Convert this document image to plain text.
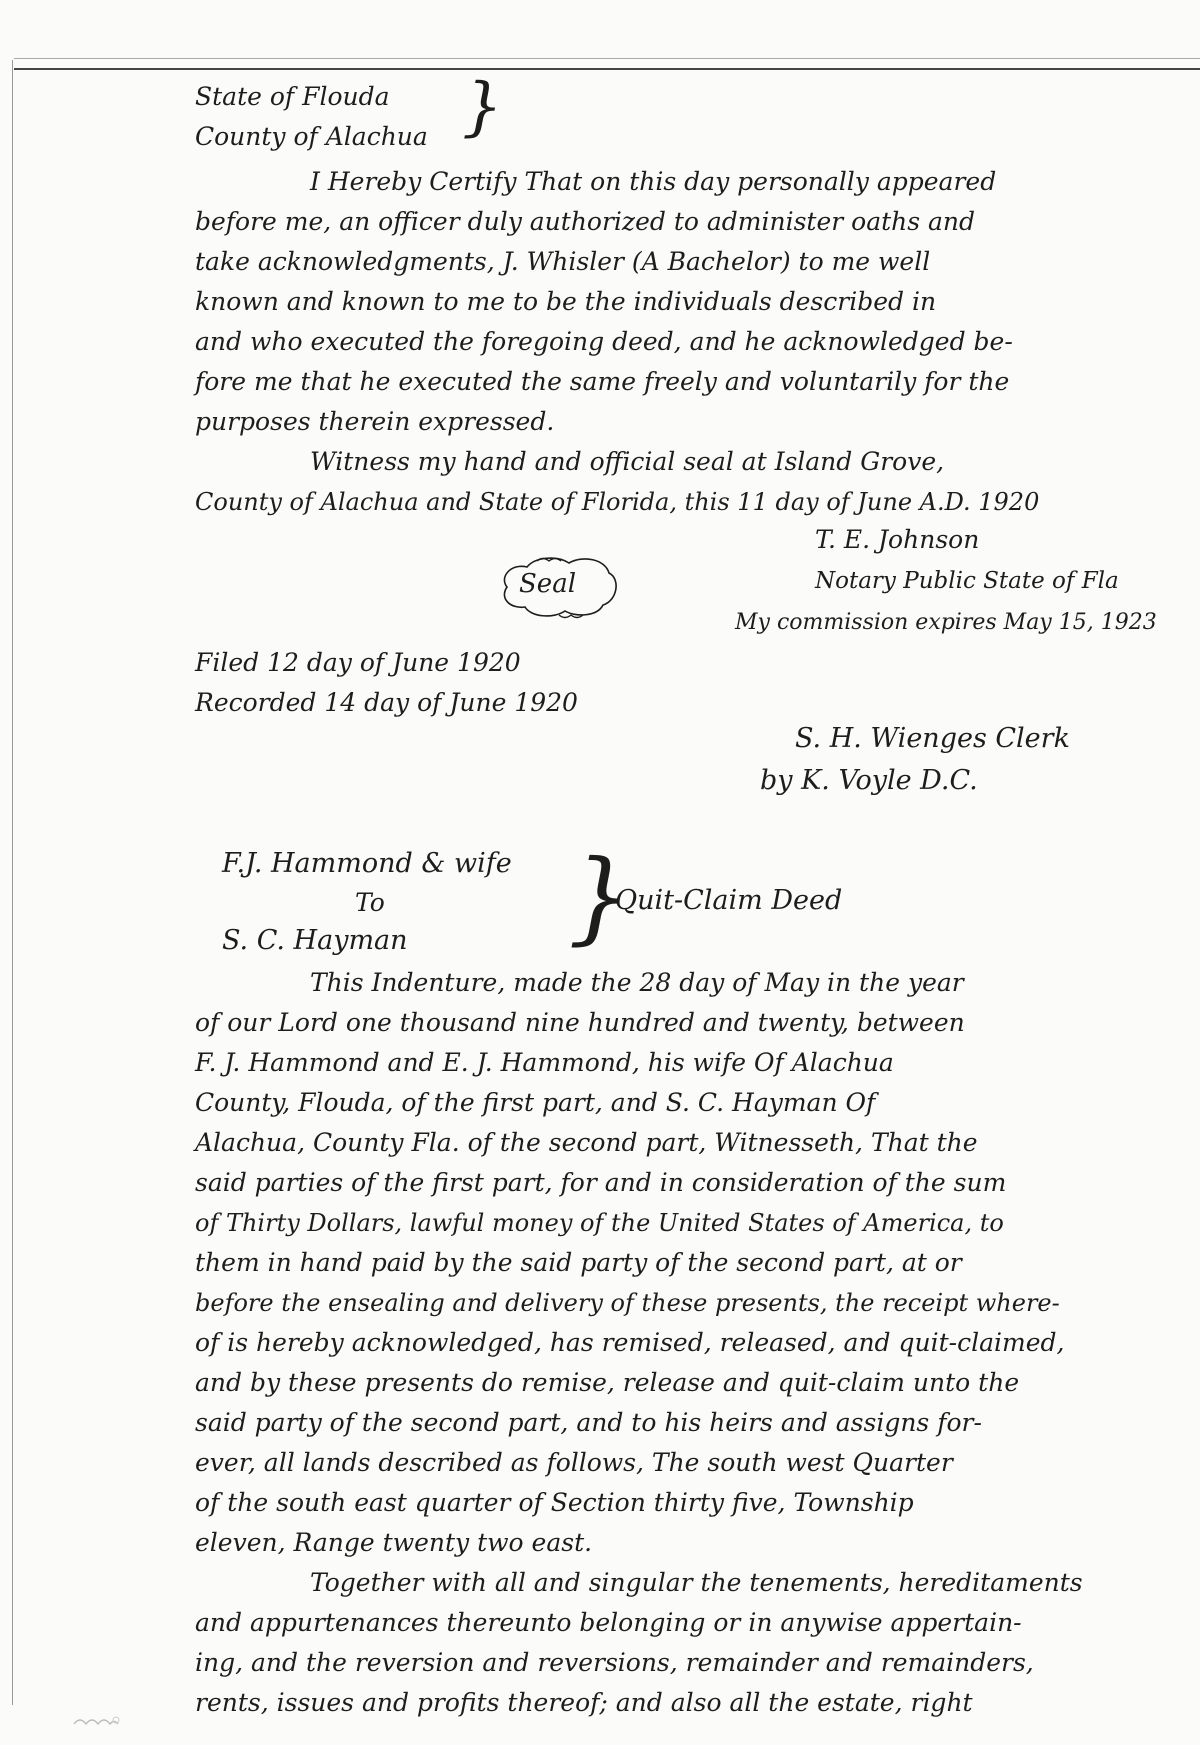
State of Flouda
County of Alachua }
I Hereby Certify That on this day personally appeared
before me, an officer duly authorized to administer oaths and
take acknowledgments, J. Whisler (A Bachelor) to me well
known and known to me to be the individuals described in
and who executed the foregoing deed, and he acknowledged be-
fore me that he executed the same freely and voluntarily for the
purposes therein expressed.
Witness my hand and official seal at Island Grove,
County of Alachua and State of Florida, this 11 day of June A.D. 1920
T. E. Johnson
Notary Public State of Fla
My commission expires May 15, 1923
Seal
Filed 12 day of June 1920
Recorded 14 day of June 1920
S. H. Wienges Clerk
by K. Voyle D.C.
F.J. Hammond & wife
To
S. C. Hayman }
Quit-Claim Deed
This Indenture, made the 28 day of May in the year
of our Lord one thousand nine hundred and twenty, between
F. J. Hammond and E. J. Hammond, his wife Of Alachua
County, Flouda, of the first part, and S. C. Hayman Of
Alachua, County Fla. of the second part, Witnesseth, That the
said parties of the first part, for and in consideration of the sum
of Thirty Dollars, lawful money of the United States of America, to
them in hand paid by the said party of the second part, at or
before the ensealing and delivery of these presents, the receipt where-
of is hereby acknowledged, has remised, released, and quit-claimed,
and by these presents do remise, release and quit-claim unto the
said party of the second part, and to his heirs and assigns for-
ever, all lands described as follows, The south west Quarter
of the south east quarter of Section thirty five, Township
eleven, Range twenty two east.
Together with all and singular the tenements, hereditaments
and appurtenances thereunto belonging or in anywise appertain-
ing, and the reversion and reversions, remainder and remainders,
rents, issues and profits thereof; and also all the estate, right
